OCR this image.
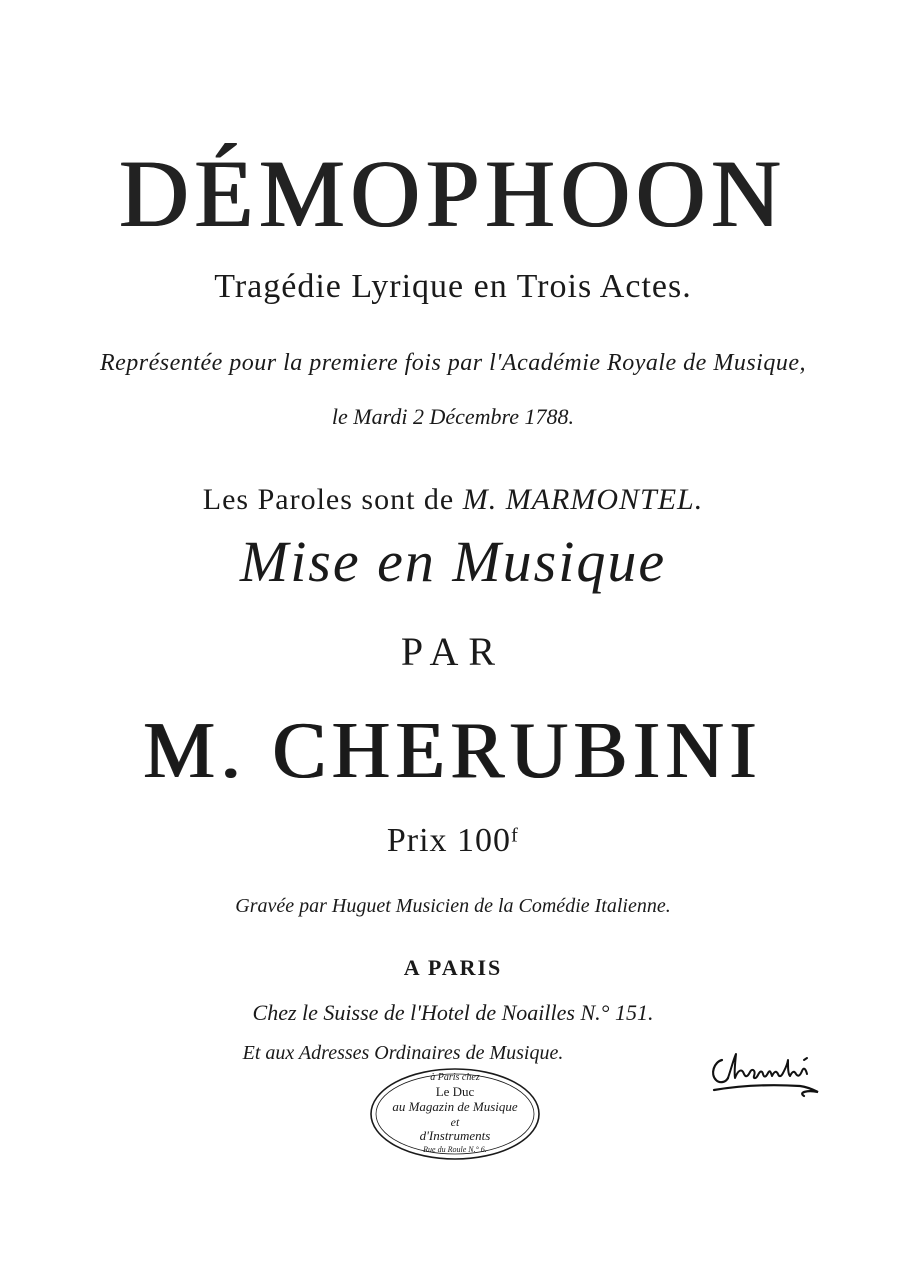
DÉMOPHOON
Tragédie Lyrique en Trois Actes.
Représentée pour la premiere fois par l'Académie Royale de Musique,
le Mardi 2 Décembre 1788.
Les Paroles sont de M. MARMONTEL.
Mise en Musique
PAR
M. CHERUBINI
Prix 100ᶠ
Gravée par Huguet Musicien de la Comédie Italienne.
A PARIS
Chez le Suisse de l'Hotel de Noailles N.° 151.
Et aux Adresses Ordinaires de Musique.
à Paris chez
Le Duc
au Magazin de Musique
et
d'Instruments
Rue du Roule N.° 6.
